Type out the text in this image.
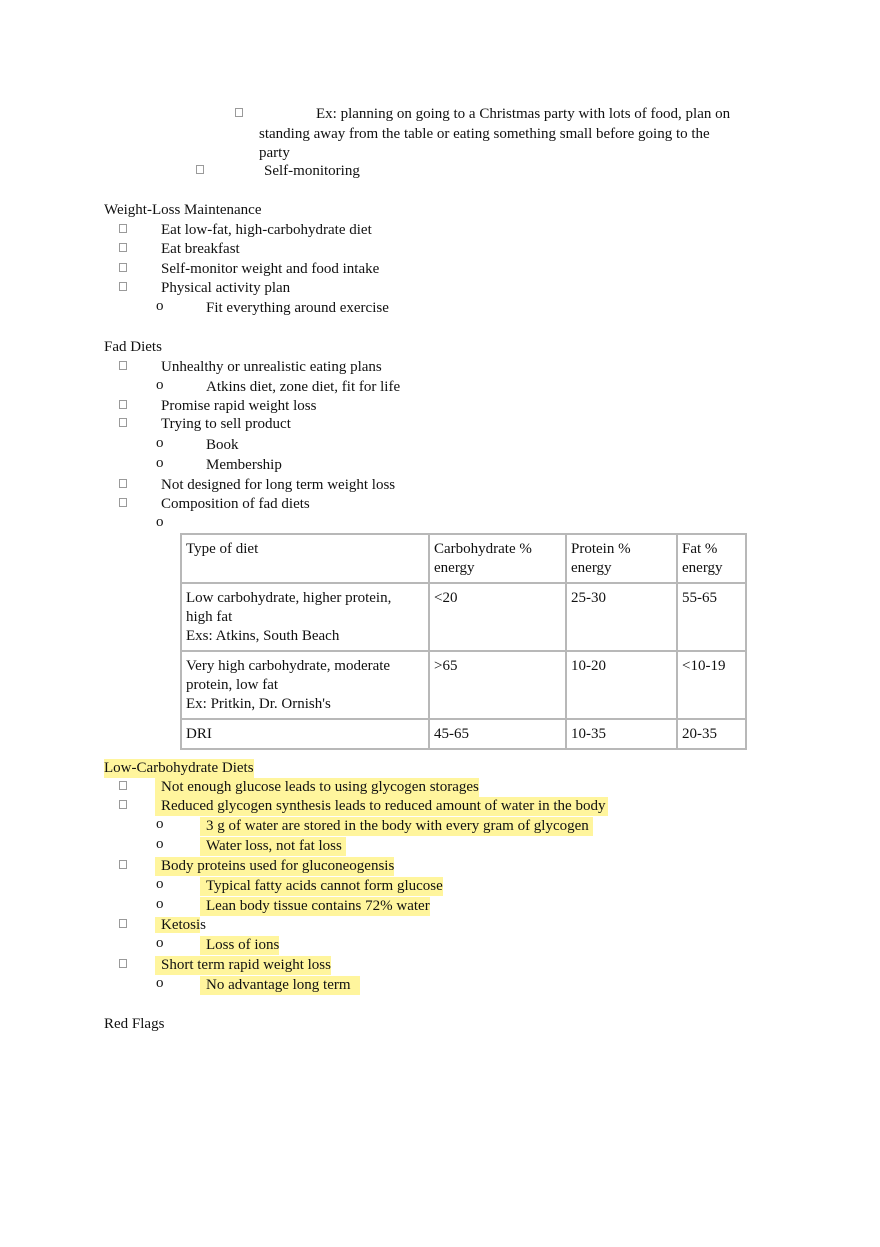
Ex: planning on going to a Christmas party with lots of food, plan on
standing away from the table or eating something small before going to the
party
Self-monitoring
Weight-Loss Maintenance
Eat low-fat, high-carbohydrate diet
Eat breakfast
Self-monitor weight and food intake
Physical activity plan
o	Fit everything around exercise
Fad Diets
Unhealthy or unrealistic eating plans
o	Atkins diet, zone diet, fit for life
Promise rapid weight loss
Trying to sell product
o	Book
o	Membership
Not designed for long term weight loss
Composition of fad diets
o
Type of diet	Carbohydrate % energy	Protein % energy	Fat % energy
Low carbohydrate, higher protein,
high fat
Exs: Atkins, South Beach	<20	25-30	55-65
Very high carbohydrate, moderate
protein, low fat
Ex: Pritkin, Dr. Ornish's	>65	10-20	<10-19
DRI	45-65	10-35	20-35
Low-Carbohydrate Diets
Not enough glucose leads to using glycogen storages
Reduced glycogen synthesis leads to reduced amount of water in the body
o	3 g of water are stored in the body with every gram of glycogen
o	Water loss, not fat loss
Body proteins used for gluconeogensis
o	Typical fatty acids cannot form glucose
o	Lean body tissue contains 72% water
Ketosis
o	Loss of ions
Short term rapid weight loss
o	No advantage long term
Red Flags
